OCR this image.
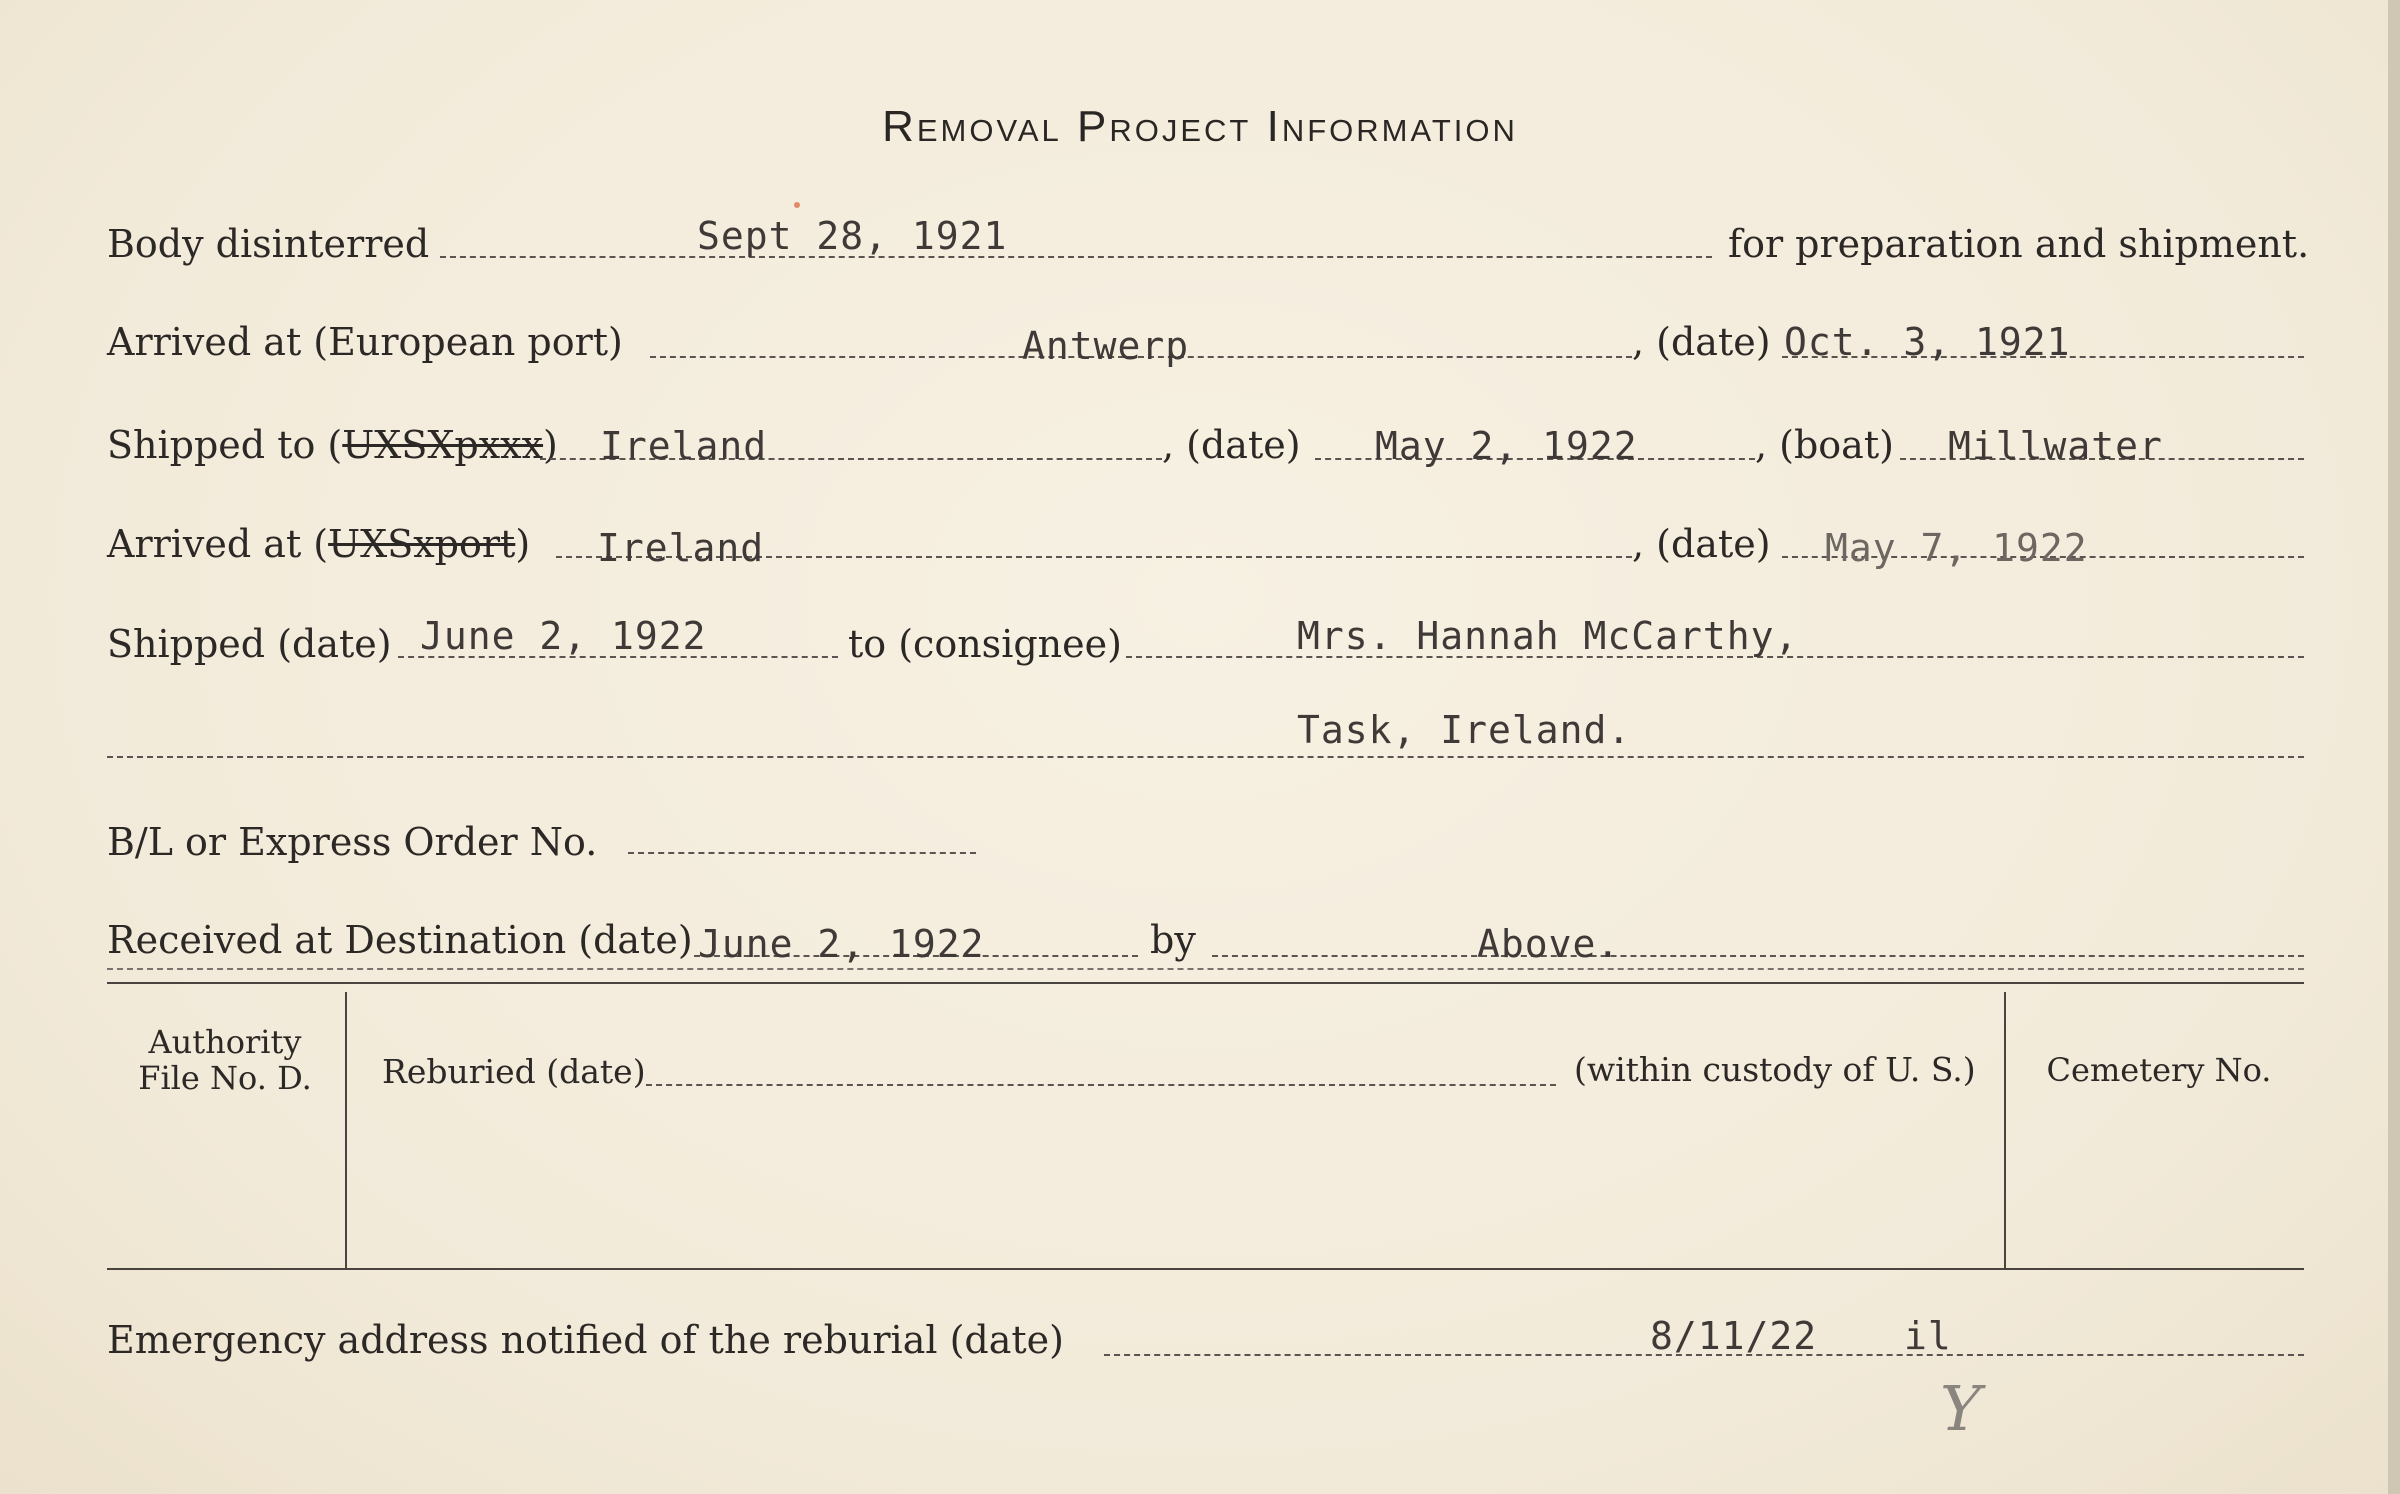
Removal Project Information
Body disinterred	Sept 28, 1921	for preparation and shipment.
Arrived at (European port)	Antwerp	, (date) Oct. 3, 1921
Shipped to (UXSXpxxx) Ireland	, (date) May 2, 1922	, (boat) Millwater
Arrived at (UXSxport) Ireland	, (date) May 7, 1922
Shipped (date) June 2, 1922	to (consignee)	Mrs. Hannah McCarthy,
Task, Ireland.
B/L or Express Order No.
Received at Destination (date) June 2, 1922	by	Above.
Authority
File No. D.	Reburied (date)	(within custody of U. S.)	Cemetery No.
Emergency address notified of the reburial (date)	8/11/22 il
Y
